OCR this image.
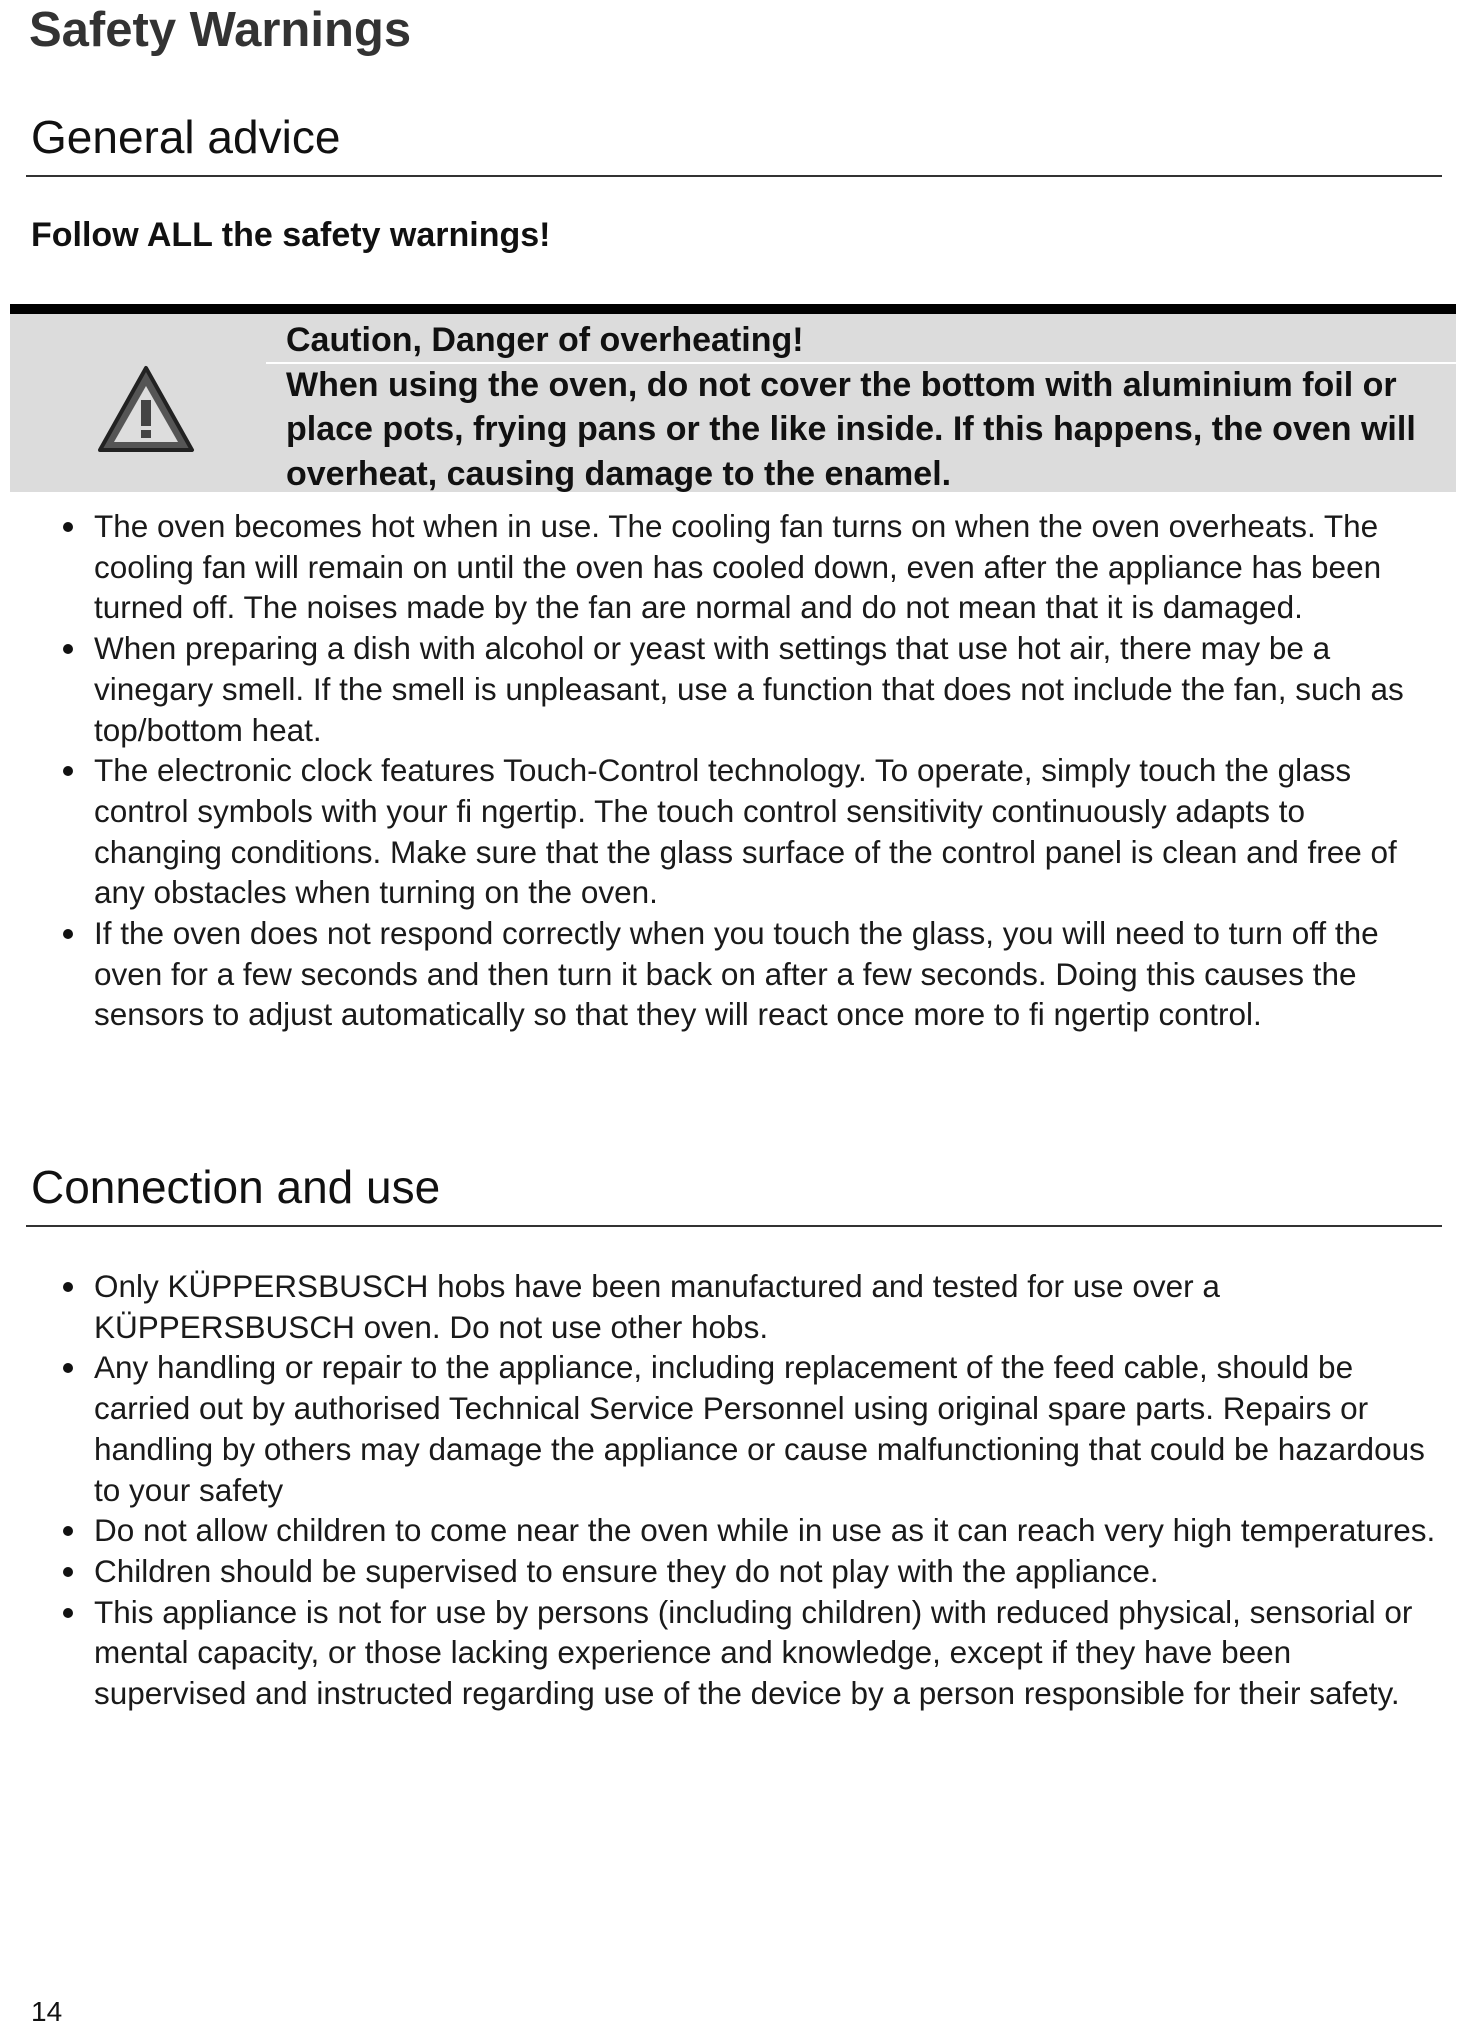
Safety Warnings
General advice

Follow ALL the safety warnings!

Caution, Danger of overheating!
When using the oven, do not cover the bottom with aluminium foil or place pots, frying pans or the like inside. If this happens, the oven will overheat, causing damage to the enamel.
The oven becomes hot when in use. The cooling fan turns on when the oven overheats. The cooling fan will remain on until the oven has cooled down, even after the appliance has been turned off. The noises made by the fan are normal and do not mean that it is damaged.
When preparing a dish with alcohol or yeast with settings that use hot air, there may be a vinegary smell. If the smell is unpleasant, use a function that does not include the fan, such as top/bottom heat.
The electronic clock features Touch-Control technology. To operate, simply touch the glass control symbols with your fi ngertip. The touch control sensitivity continuously adapts to changing conditions. Make sure that the glass surface of the control panel is clean and free of any obstacles when turning on the oven.
If the oven does not respond correctly when you touch the glass, you will need to turn off the oven for a few seconds and then turn it back on after a few seconds. Doing this causes the sensors to adjust automatically so that they will react once more to fi ngertip control.
Connection and use
Only KÜPPERSBUSCH hobs have been manufactured and tested for use over a KÜPPERSBUSCH oven. Do not use other hobs.
Any handling or repair to the appliance, including replacement of the feed cable, should be carried out by authorised Technical Service Personnel using original spare parts. Repairs or handling by others may damage the appliance or cause malfunctioning that could be hazardous to your safety
Do not allow children to come near the oven while in use as it can reach very high temperatures.
Children should be supervised to ensure they do not play with the appliance.
This appliance is not for use by persons (including children) with reduced physical, sensorial or mental capacity, or those lacking experience and knowledge, except if they have been supervised and instructed regarding use of the device by a person responsible for their safety.
14
